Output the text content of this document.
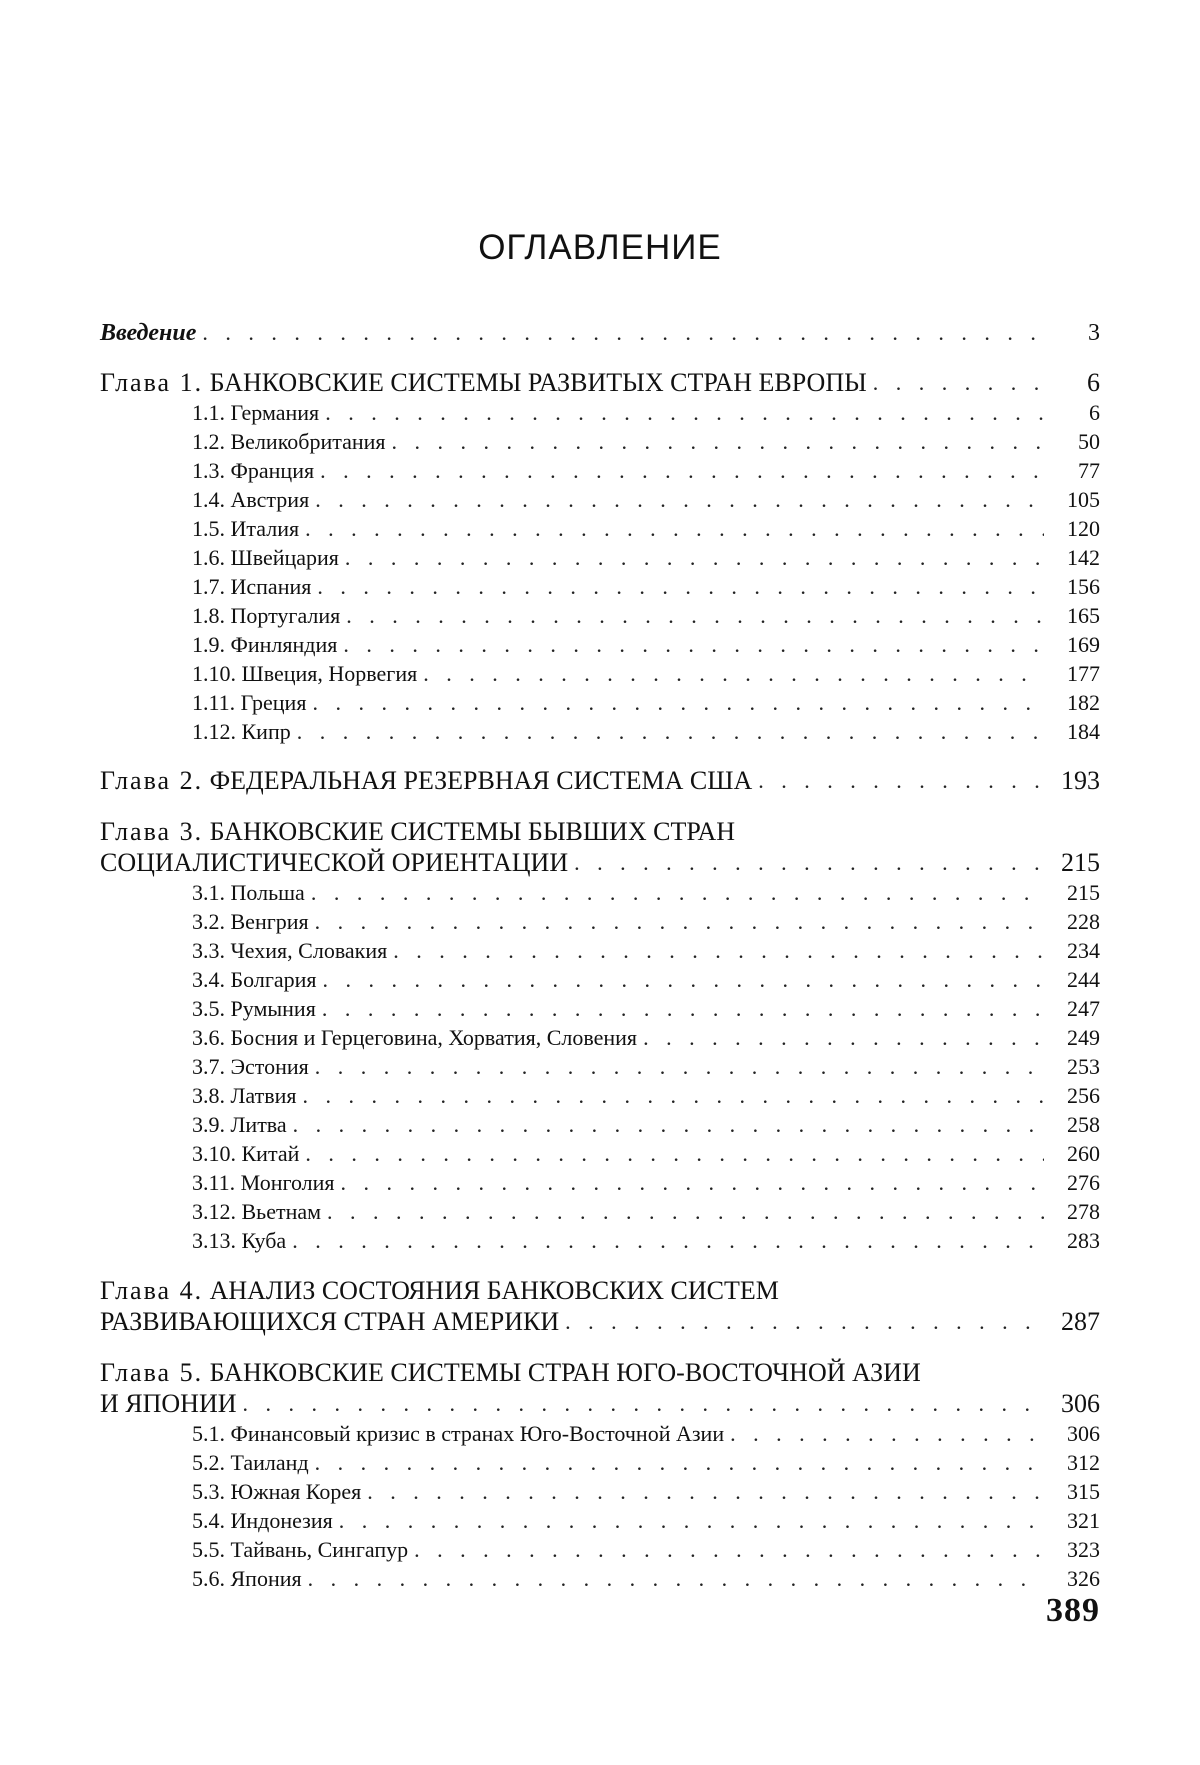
ОГЛАВЛЕНИЕ
Введение . . .	3
Глава 1. БАНКОВСКИЕ СИСТЕМЫ РАЗВИТЫХ СТРАН ЕВРОПЫ . . .	6
1.1. Германия . . .	6
1.2. Великобритания . . .	50
1.3. Франция . . .	77
1.4. Австрия . . .	105
1.5. Италия . . .	120
1.6. Швейцария . . .	142
1.7. Испания . . .	156
1.8. Португалия . . .	165
1.9. Финляндия . . .	169
1.10. Швеция, Норвегия . . .	177
1.11. Греция . . .	182
1.12. Кипр . . .	184
Глава 2. ФЕДЕРАЛЬНАЯ РЕЗЕРВНАЯ СИСТЕМА США . . .	193
Глава 3. БАНКОВСКИЕ СИСТЕМЫ БЫВШИХ СТРАН
СОЦИАЛИСТИЧЕСКОЙ ОРИЕНТАЦИИ . . .	215
3.1. Польша . . .	215
3.2. Венгрия . . .	228
3.3. Чехия, Словакия . . .	234
3.4. Болгария . . .	244
3.5. Румыния . . .	247
3.6. Босния и Герцеговина, Хорватия, Словения . . .	249
3.7. Эстония . . .	253
3.8. Латвия . . .	256
3.9. Литва . . .	258
3.10. Китай . . .	260
3.11. Монголия . . .	276
3.12. Вьетнам . . .	278
3.13. Куба . . .	283
Глава 4. АНАЛИЗ СОСТОЯНИЯ БАНКОВСКИХ СИСТЕМ
РАЗВИВАЮЩИХСЯ СТРАН АМЕРИКИ . . .	287
Глава 5. БАНКОВСКИЕ СИСТЕМЫ СТРАН ЮГО-ВОСТОЧНОЙ АЗИИ
И ЯПОНИИ . . .	306
5.1. Финансовый кризис в странах Юго-Восточной Азии . . .	306
5.2. Таиланд . . .	312
5.3. Южная Корея . . .	315
5.4. Индонезия . . .	321
5.5. Тайвань, Сингапур . . .	323
5.6. Япония . . .	326
389
